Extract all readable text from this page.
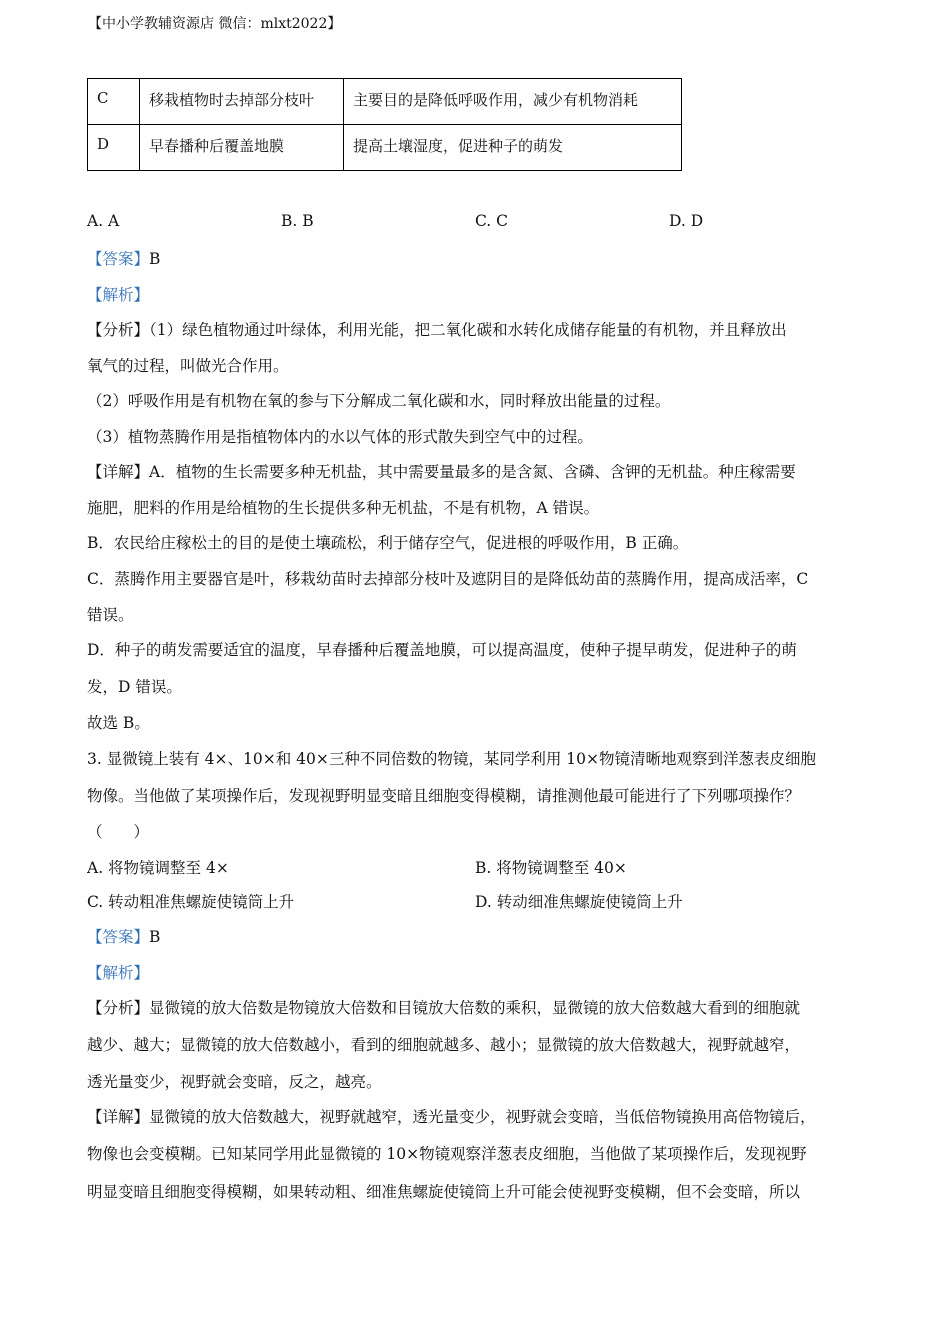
【中小学教辅资源店 微信：mlxt2022】
C	移栽植物时去掉部分枝叶	主要目的是降低呼吸作用，减少有机物消耗
D	早春播种后覆盖地膜	提高土壤湿度，促进种子的萌发
A. A	B. B	C. C	D. D
【答案】B
【解析】
【分析】（1）绿色植物通过叶绿体，利用光能，把二氧化碳和水转化成储存能量的有机物，并且释放出
氧气的过程，叫做光合作用。
（2）呼吸作用是有机物在氧的参与下分解成二氧化碳和水，同时释放出能量的过程。
（3）植物蒸腾作用是指植物体内的水以气体的形式散失到空气中的过程。
【详解】A．植物的生长需要多种无机盐，其中需要量最多的是含氮、含磷、含钾的无机盐。种庄稼需要
施肥，肥料的作用是给植物的生长提供多种无机盐，不是有机物，A 错误。
B．农民给庄稼松土的目的是使土壤疏松，利于储存空气，促进根的呼吸作用，B 正确。
C．蒸腾作用主要器官是叶，移栽幼苗时去掉部分枝叶及遮阴目的是降低幼苗的蒸腾作用，提高成活率，C
错误。
D．种子的萌发需要适宜的温度，早春播种后覆盖地膜，可以提高温度，使种子提早萌发，促进种子的萌
发，D 错误。
故选 B。
3. 显微镜上装有 4×、10×和 40×三种不同倍数的物镜，某同学利用 10×物镜清晰地观察到洋葱表皮细胞
物像。当他做了某项操作后，发现视野明显变暗且细胞变得模糊，请推测他最可能进行了下列哪项操作？
（　　）
A. 将物镜调整至 4×	B. 将物镜调整至 40×
C. 转动粗准焦螺旋使镜筒上升	D. 转动细准焦螺旋使镜筒上升
【答案】B
【解析】
【分析】显微镜的放大倍数是物镜放大倍数和目镜放大倍数的乘积，显微镜的放大倍数越大看到的细胞就
越少、越大；显微镜的放大倍数越小，看到的细胞就越多、越小；显微镜的放大倍数越大，视野就越窄，
透光量变少，视野就会变暗，反之，越亮。
【详解】显微镜的放大倍数越大，视野就越窄，透光量变少，视野就会变暗，当低倍物镜换用高倍物镜后，
物像也会变模糊。已知某同学用此显微镜的 10×物镜观察洋葱表皮细胞，当他做了某项操作后，发现视野
明显变暗且细胞变得模糊，如果转动粗、细准焦螺旋使镜筒上升可能会使视野变模糊，但不会变暗，所以
